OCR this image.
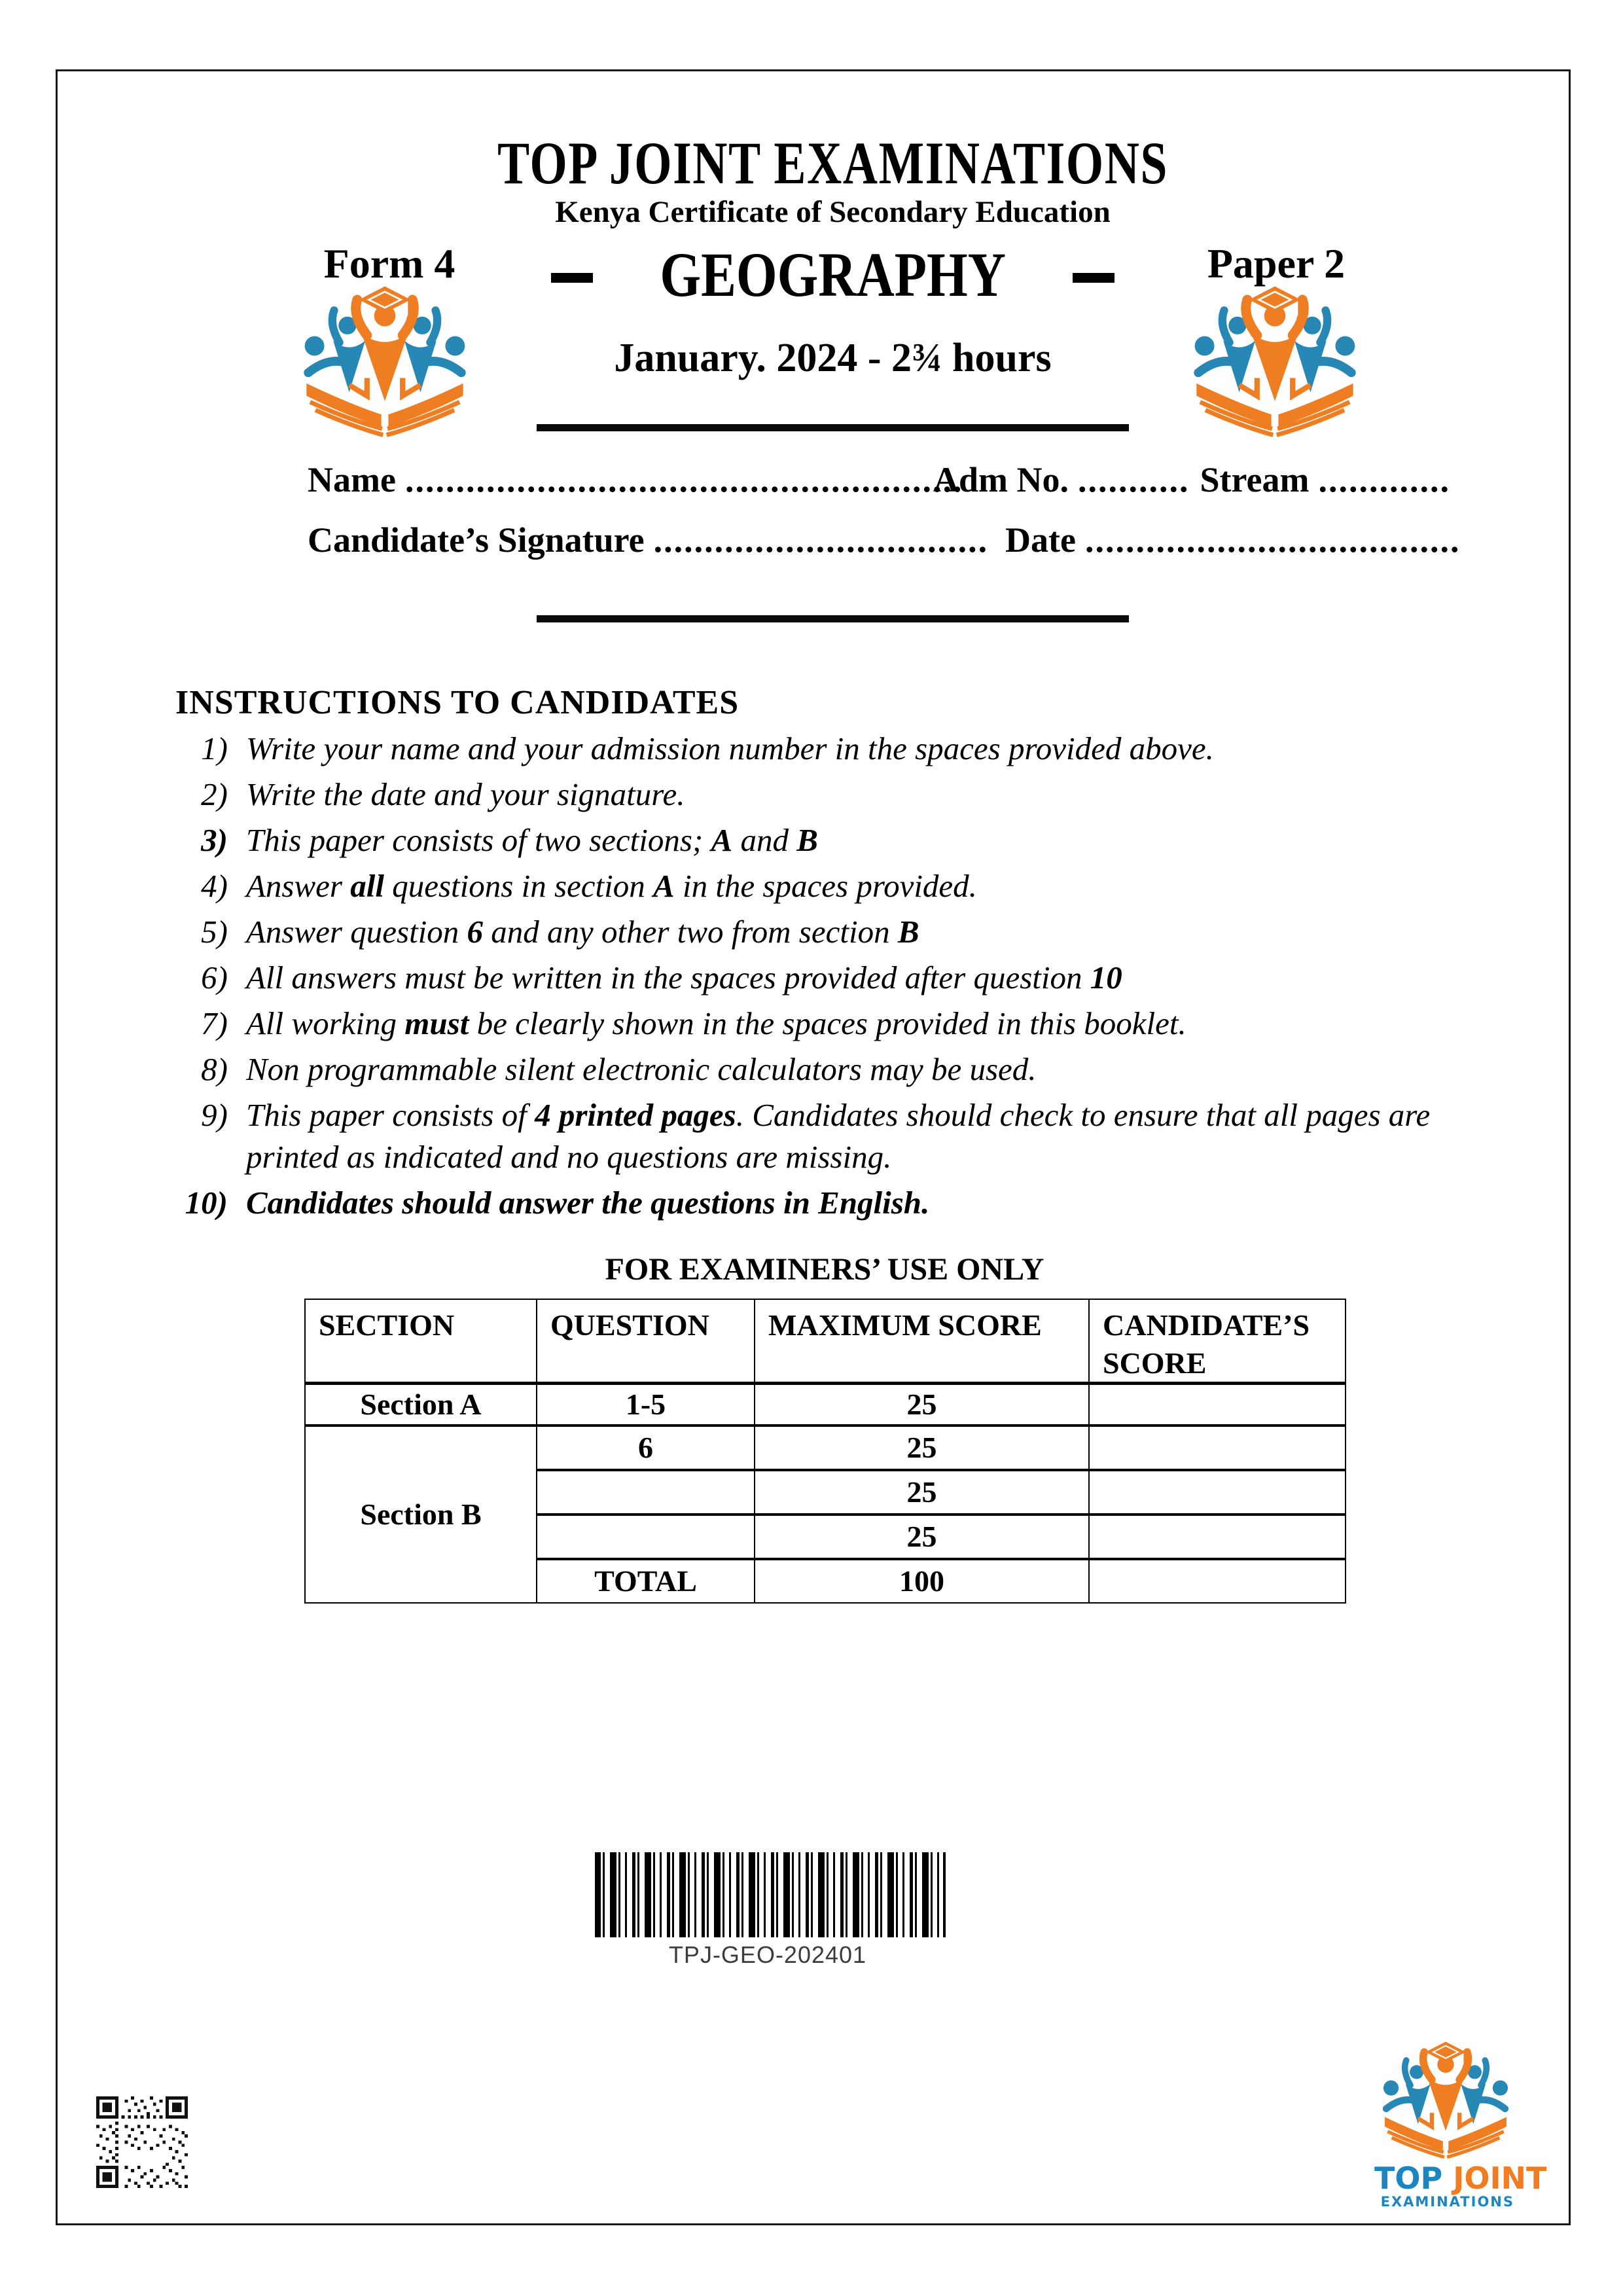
TOP JOINT EXAMINATIONS
Kenya Certificate of Secondary Education
Form 4	GEOGRAPHY	Paper 2
January. 2024 - 2¾ hours
Name .......................................................
Adm No. ........... Stream .............
Candidate’s Signature ................................. Date .....................................
INSTRUCTIONS TO CANDIDATES
1) Write your name and your admission number in the spaces provided above.
2) Write the date and your signature.
3) This paper consists of two sections; A and B
4) Answer all questions in section A in the spaces provided.
5) Answer question 6 and any other two from section B
6) All answers must be written in the spaces provided after question 10
7) All working must be clearly shown in the spaces provided in this booklet.
8) Non programmable silent electronic calculators may be used.
9) This paper consists of 4 printed pages. Candidates should check to ensure that all pages are printed as indicated and no questions are missing.
10) Candidates should answer the questions in English.
FOR EXAMINERS’ USE ONLY
SECTION	QUESTION	MAXIMUM SCORE	CANDIDATE’S SCORE
Section A	1-5	25	
Section B	6	25	
		25	
		25	
	TOTAL	100	
TPJ-GEO-202401
TOP JOINT
EXAMINATIONS
